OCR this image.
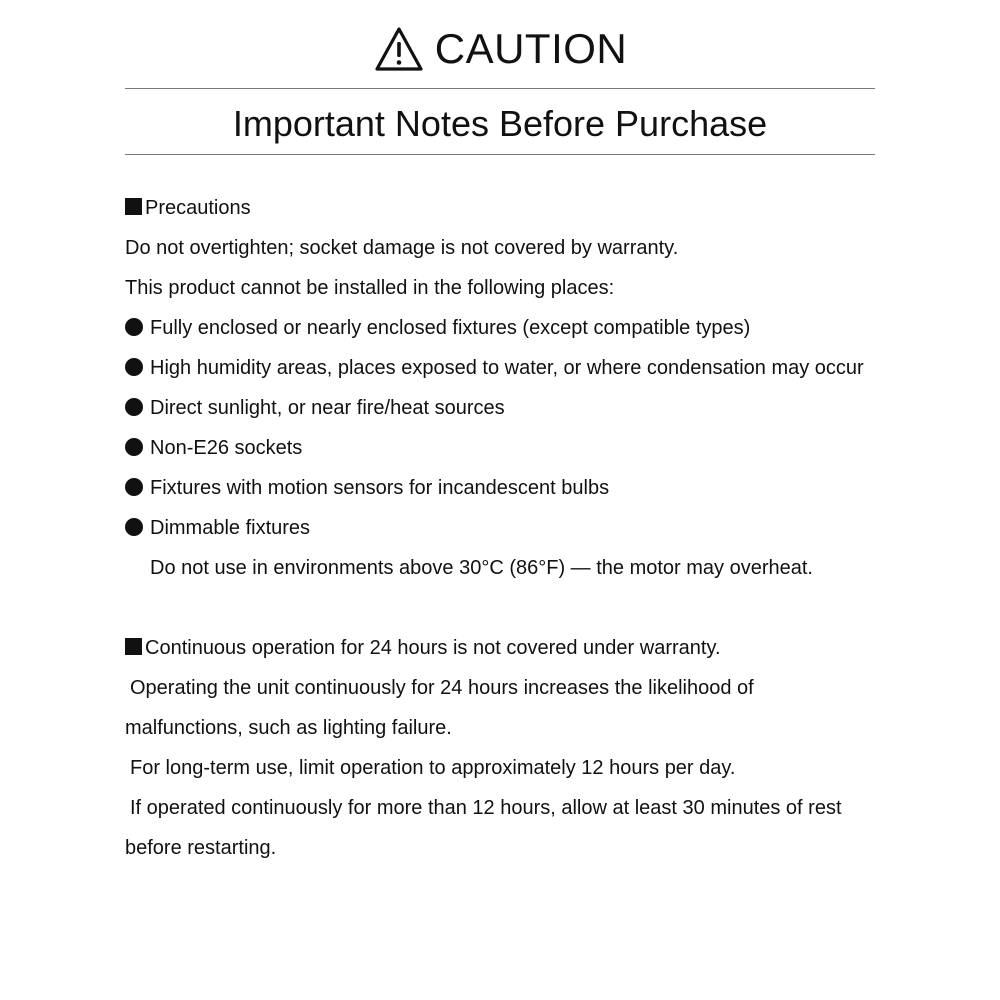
CAUTION
Important Notes Before Purchase
Precautions
Do not overtighten; socket damage is not covered by warranty.
This product cannot be installed in the following places:
Fully enclosed or nearly enclosed fixtures (except compatible types)
High humidity areas, places exposed to water, or where condensation may occur
Direct sunlight, or near fire/heat sources
Non-E26 sockets
Fixtures with motion sensors for incandescent bulbs
Dimmable fixtures
Do not use in environments above 30°C (86°F) — the motor may overheat.
Continuous operation for 24 hours is not covered under warranty.
Operating the unit continuously for 24 hours increases the likelihood of
malfunctions, such as lighting failure.
For long-term use, limit operation to approximately 12 hours per day.
If operated continuously for more than 12 hours, allow at least 30 minutes of rest
before restarting.
